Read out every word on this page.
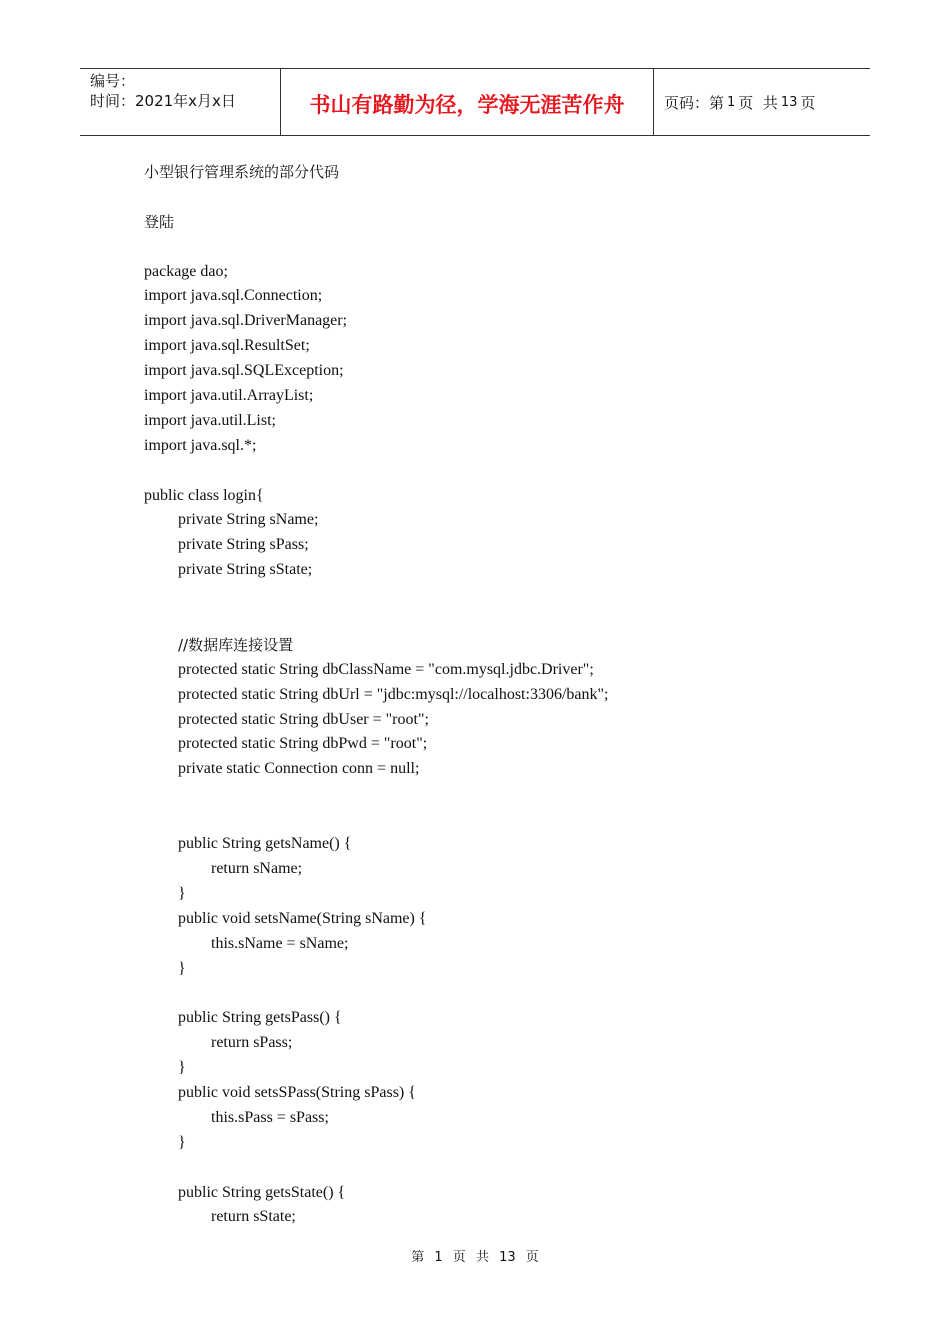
编号：
时间：2021年x月x日	书山有路勤为径，学海无涯苦作舟	页码：第 1 页  共 13 页
小型银行管理系统的部分代码
登陆
package dao;
import java.sql.Connection;
import java.sql.DriverManager;
import java.sql.ResultSet;
import java.sql.SQLException;
import java.util.ArrayList;
import java.util.List;
import java.sql.*;
public class login{
private String sName;
private String sPass;
private String sState;
//数据库连接设置
protected static String dbClassName = "com.mysql.jdbc.Driver";
protected static String dbUrl = "jdbc:mysql://localhost:3306/bank";
protected static String dbUser = "root";
protected static String dbPwd = "root";
private static Connection conn = null;
public String getsName() {
return sName;
}
public void setsName(String sName) {
this.sName = sName;
}
public String getsPass() {
return sPass;
}
public void setsSPass(String sPass) {
this.sPass = sPass;
}
public String getsState() {
return sState;
第 1 页 共 13 页
